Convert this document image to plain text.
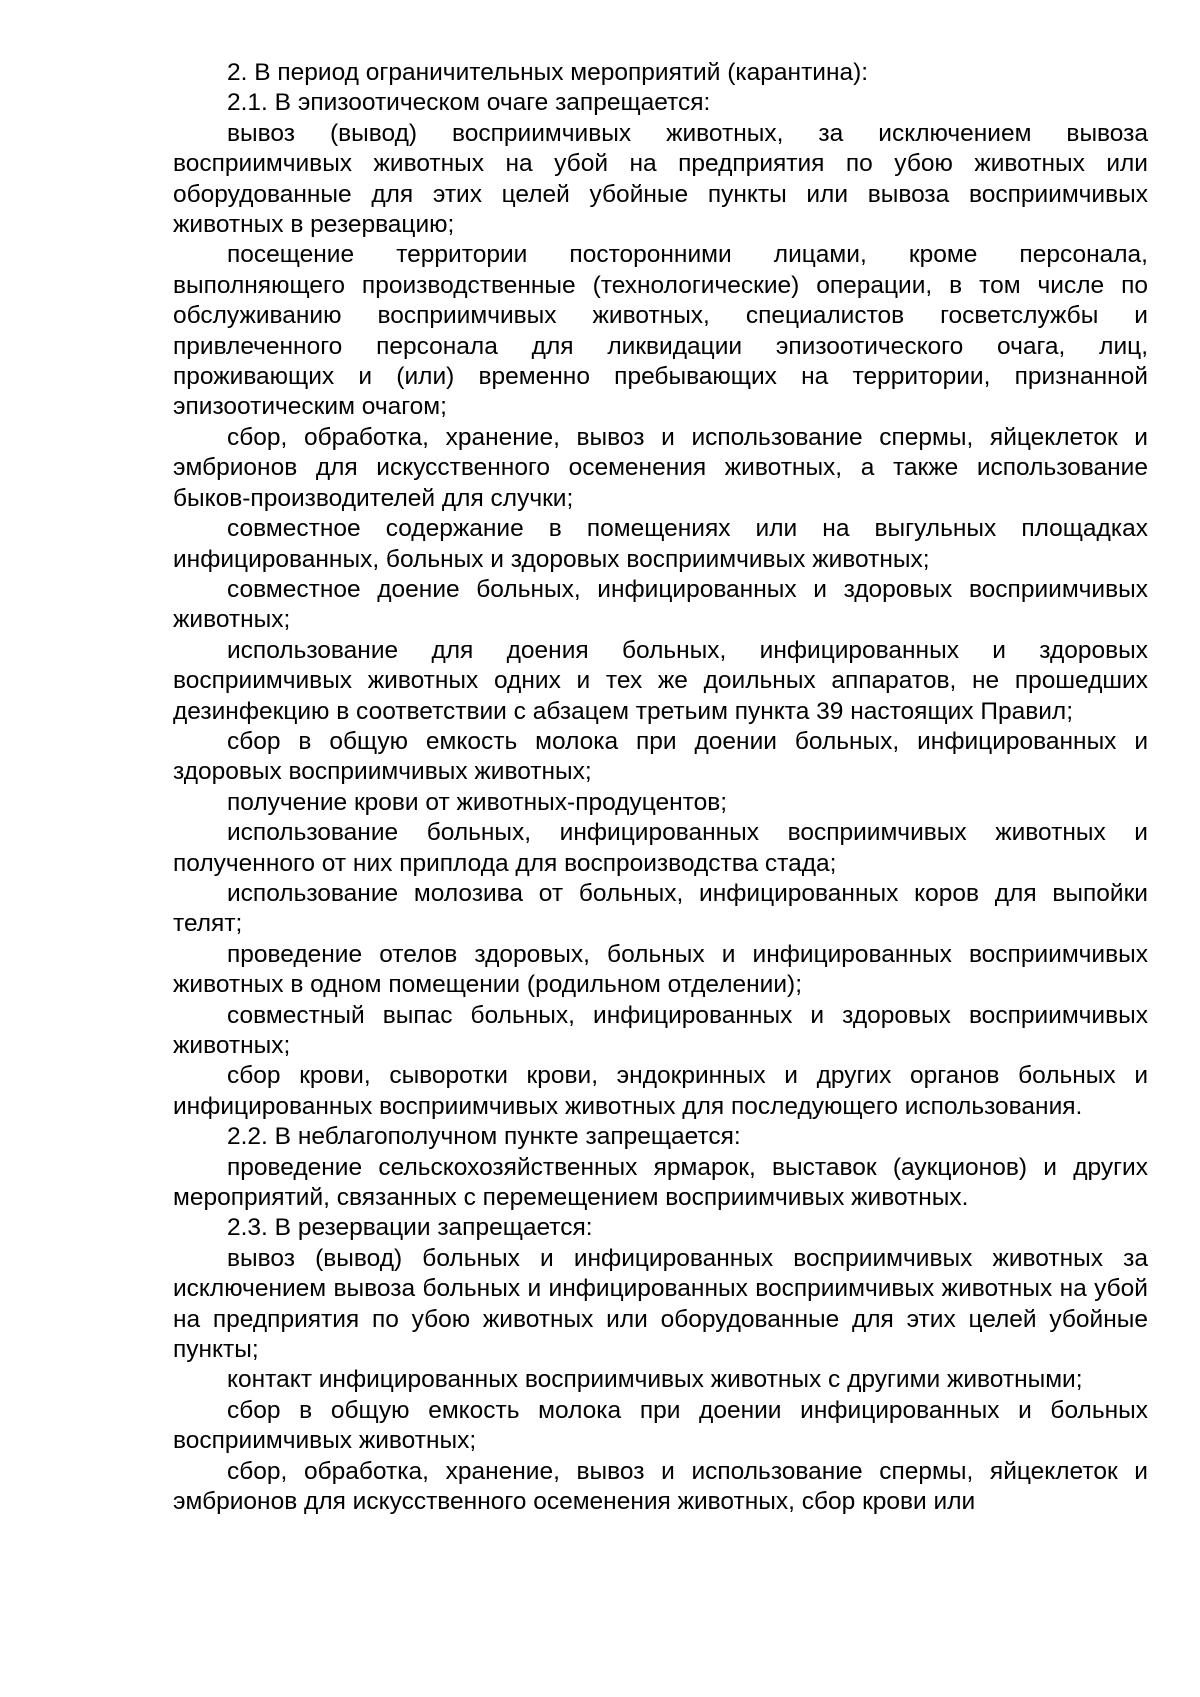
2. В период ограничительных мероприятий (карантина):

2.1. В эпизоотическом очаге запрещается:

вывоз (вывод) восприимчивых животных, за исключением вывоза восприимчивых животных на убой на предприятия по убою животных или оборудованные для этих целей убойные пункты или вывоза восприимчивых животных в резервацию;

посещение территории посторонними лицами, кроме персонала, выполняющего производственные (технологические) операции, в том числе по обслуживанию восприимчивых животных, специалистов госветслужбы и привлеченного персонала для ликвидации эпизоотического очага, лиц, проживающих и (или) временно пребывающих на территории, признанной эпизоотическим очагом;

сбор, обработка, хранение, вывоз и использование спермы, яйцеклеток и эмбрионов для искусственного осеменения животных, а также использование быков-производителей для случки;

совместное содержание в помещениях или на выгульных площадках инфицированных, больных и здоровых восприимчивых животных;

совместное доение больных, инфицированных и здоровых восприимчивых животных;

использование для доения больных, инфицированных и здоровых восприимчивых животных одних и тех же доильных аппаратов, не прошедших дезинфекцию в соответствии с абзацем третьим пункта 39 настоящих Правил;

сбор в общую емкость молока при доении больных, инфицированных и здоровых восприимчивых животных;

получение крови от животных-продуцентов;

использование больных, инфицированных восприимчивых животных и полученного от них приплода для воспроизводства стада;

использование молозива от больных, инфицированных коров для выпойки телят;

проведение отелов здоровых, больных и инфицированных восприимчивых животных в одном помещении (родильном отделении);

совместный выпас больных, инфицированных и здоровых восприимчивых животных;

сбор крови, сыворотки крови, эндокринных и других органов больных и инфицированных восприимчивых животных для последующего использования.

2.2. В неблагополучном пункте запрещается:

проведение сельскохозяйственных ярмарок, выставок (аукционов) и других мероприятий, связанных с перемещением восприимчивых животных.

2.3. В резервации запрещается:

вывоз (вывод) больных и инфицированных восприимчивых животных за исключением вывоза больных и инфицированных восприимчивых животных на убой на предприятия по убою животных или оборудованные для этих целей убойные пункты;

контакт инфицированных восприимчивых животных с другими животными;

сбор в общую емкость молока при доении инфицированных и больных восприимчивых животных;

сбор, обработка, хранение, вывоз и использование спермы, яйцеклеток и эмбрионов для искусственного осеменения животных, сбор крови или
